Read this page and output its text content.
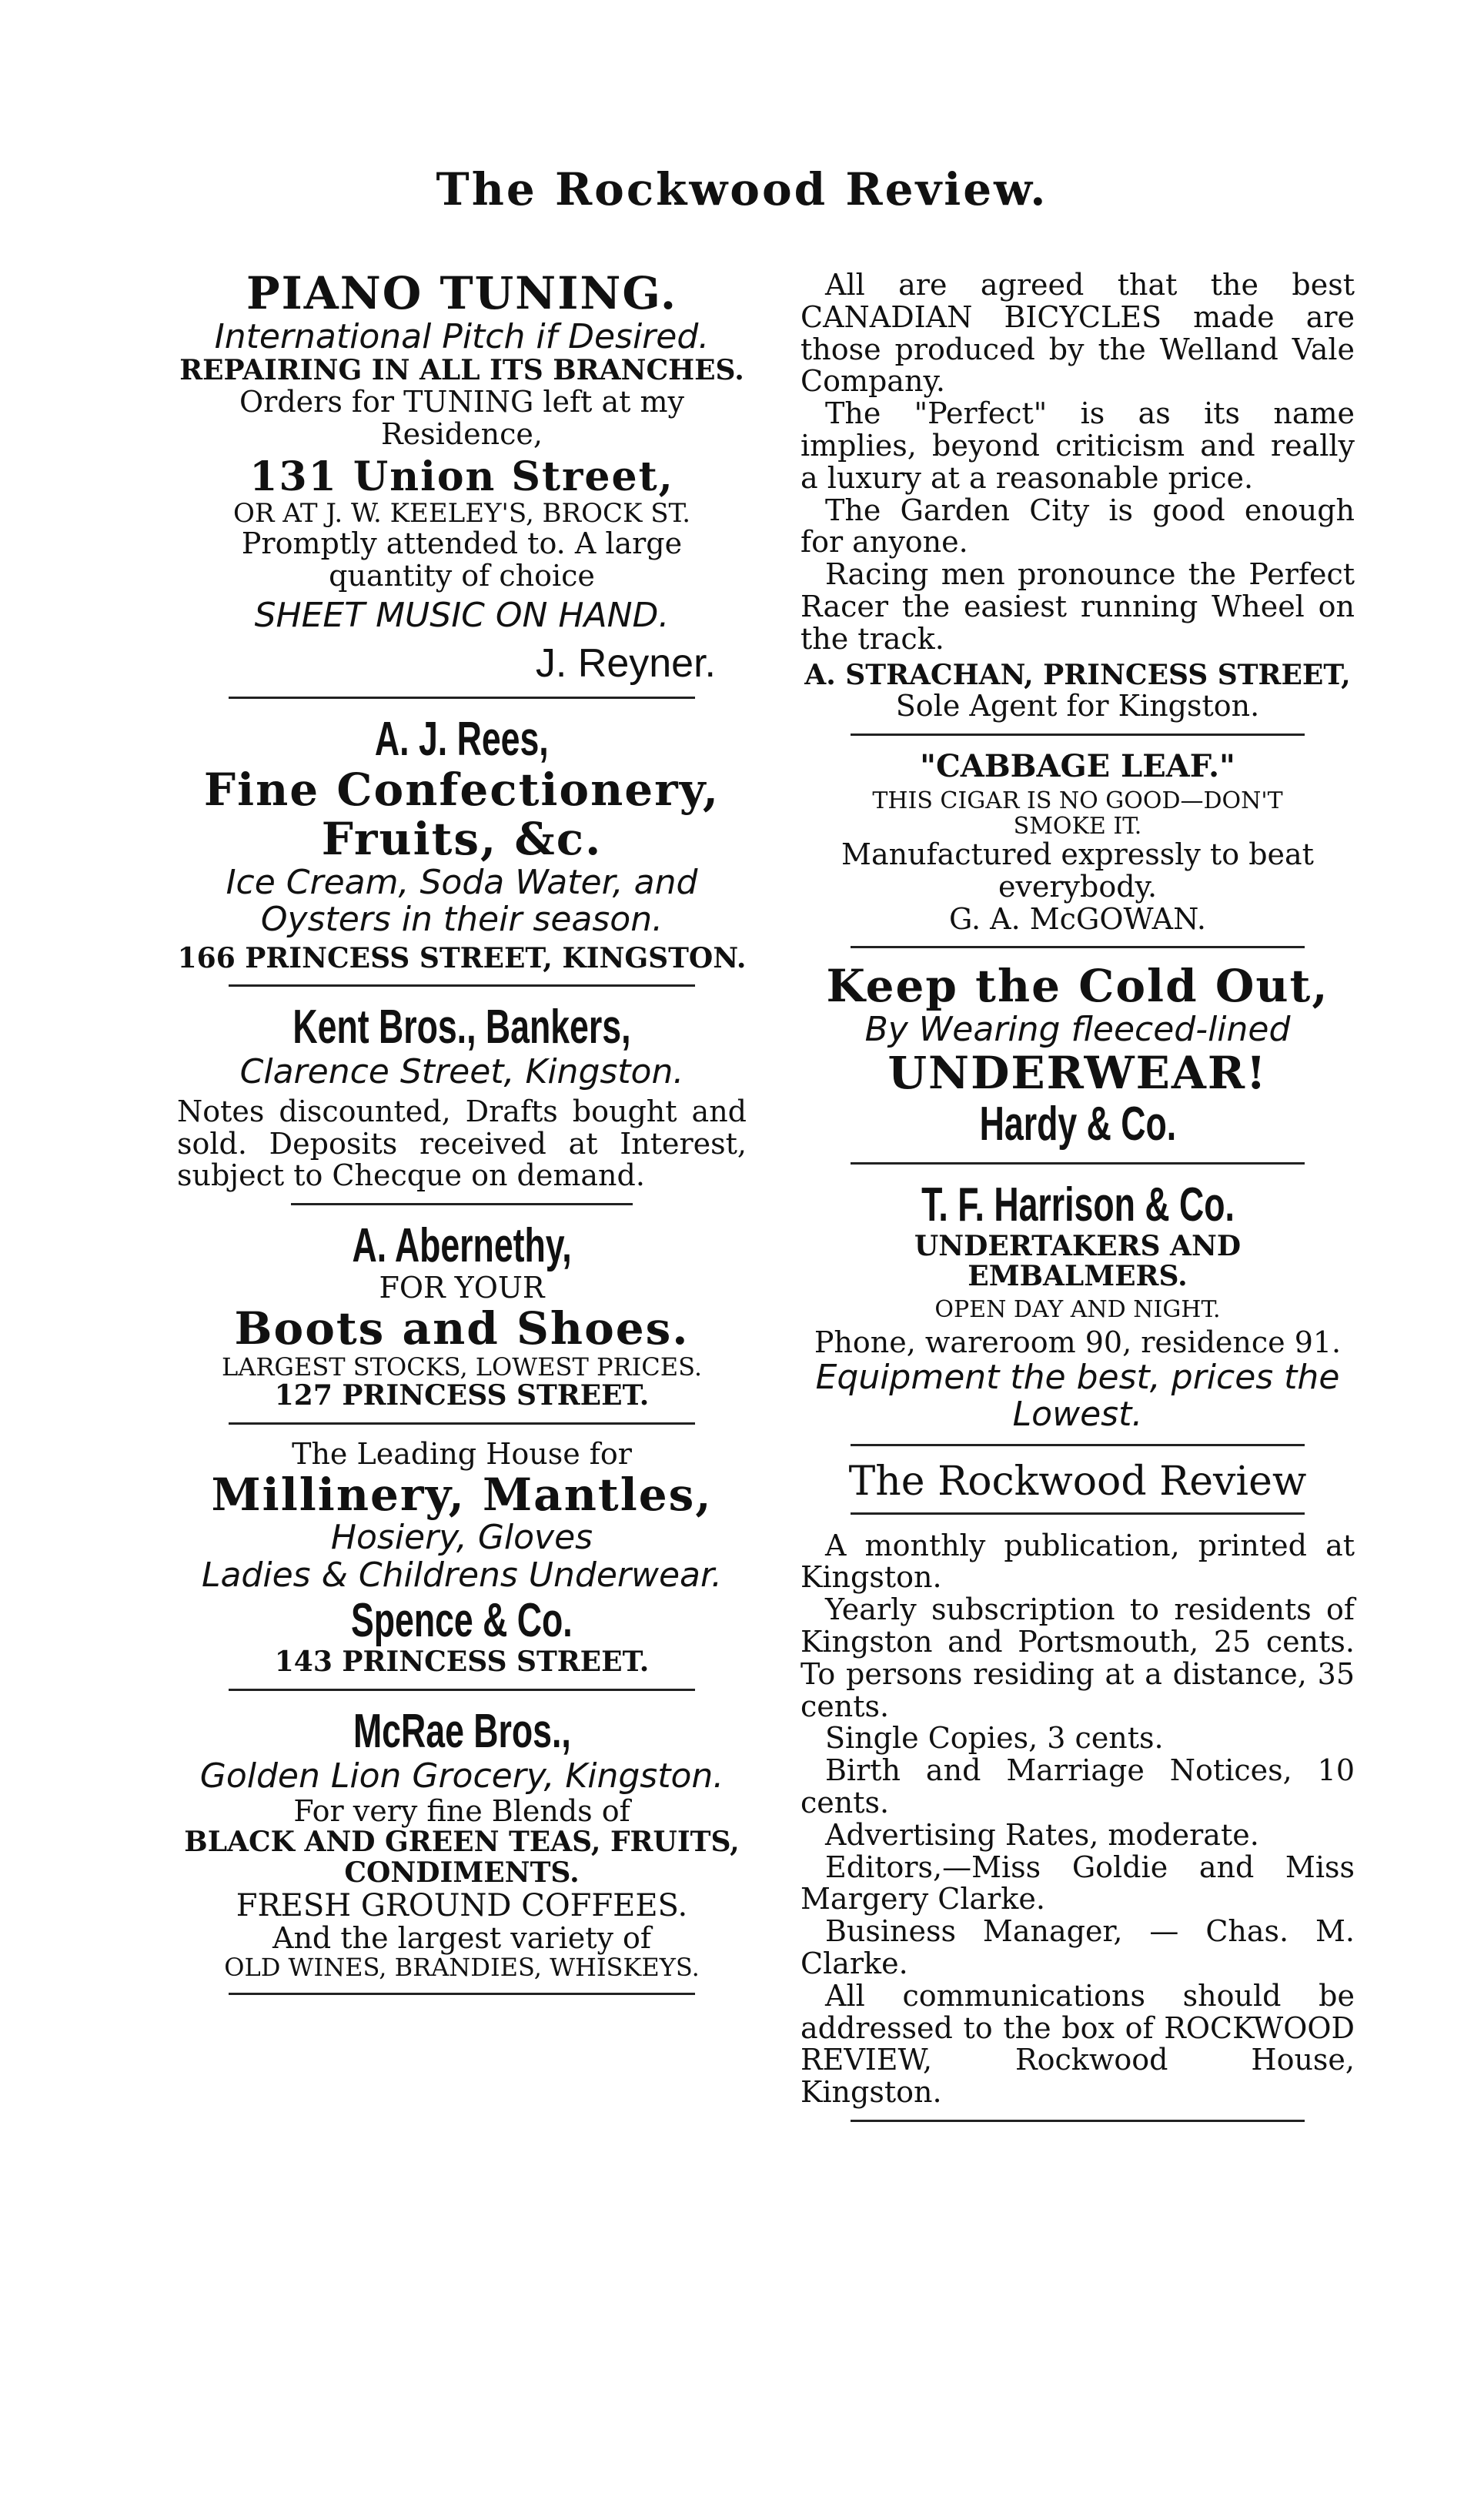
The Rockwood Review.

PIANO TUNING.

International Pitch if Desired.

REPAIRING IN ALL ITS BRANCHES.

Orders for TUNING left at my

Residence,

131 Union Street,

OR AT J. W. KEELEY'S, BROCK ST.

Promptly attended to. A large

quantity of choice

SHEET MUSIC ON HAND.

J. Reyner.

A. J. Rees,

Fine Confectionery,

Fruits, &c.

Ice Cream, Soda Water, and

Oysters in their season.

166 PRINCESS STREET, KINGSTON.

Kent Bros., Bankers,

Clarence Street, Kingston.

Notes discounted, Drafts bought and sold. Deposits received at Interest, subject to Checque on demand.

A. Abernethy,

FOR YOUR

Boots and Shoes.

LARGEST STOCKS, LOWEST PRICES.

127 PRINCESS STREET.

The Leading House for

Millinery, Mantles,

Hosiery, Gloves

Ladies & Childrens Underwear.

Spence & Co.

143 PRINCESS STREET.

McRae Bros.,

Golden Lion Grocery, Kingston.

For very fine Blends of

BLACK AND GREEN TEAS, FRUITS,

CONDIMENTS.

FRESH GROUND COFFEES.

And the largest variety of

OLD WINES, BRANDIES, WHISKEYS.

All are agreed that the best CANADIAN BICYCLES made are those produced by the Welland Vale Company.

The "Perfect" is as its name implies, beyond criticism and really a luxury at a reasonable price.

The Garden City is good enough for anyone.

Racing men pronounce the Perfect Racer the easiest running Wheel on the track.

A. STRACHAN, PRINCESS STREET,

Sole Agent for Kingston.

"CABBAGE LEAF."

THIS CIGAR IS NO GOOD—DON'T

SMOKE IT.

Manufactured expressly to beat

everybody.

G. A. McGOWAN.

Keep the Cold Out,

By Wearing fleeced-lined

UNDERWEAR!

Hardy & Co.

T. F. Harrison & Co.

UNDERTAKERS AND EMBALMERS.

OPEN DAY AND NIGHT.

Phone, wareroom 90, residence 91.

Equipment the best, prices the

Lowest.

The Rockwood Review

A monthly publication, printed at Kingston.

Yearly subscription to residents of Kingston and Portsmouth, 25 cents. To persons residing at a distance, 35 cents.

Single Copies, 3 cents.

Birth and Marriage Notices, 10 cents.

Advertising Rates, moderate.

Editors,—Miss Goldie and Miss Margery Clarke.

Business Manager, — Chas. M. Clarke.

All communications should be addressed to the box of ROCKWOOD REVIEW, Rockwood House, Kingston.
